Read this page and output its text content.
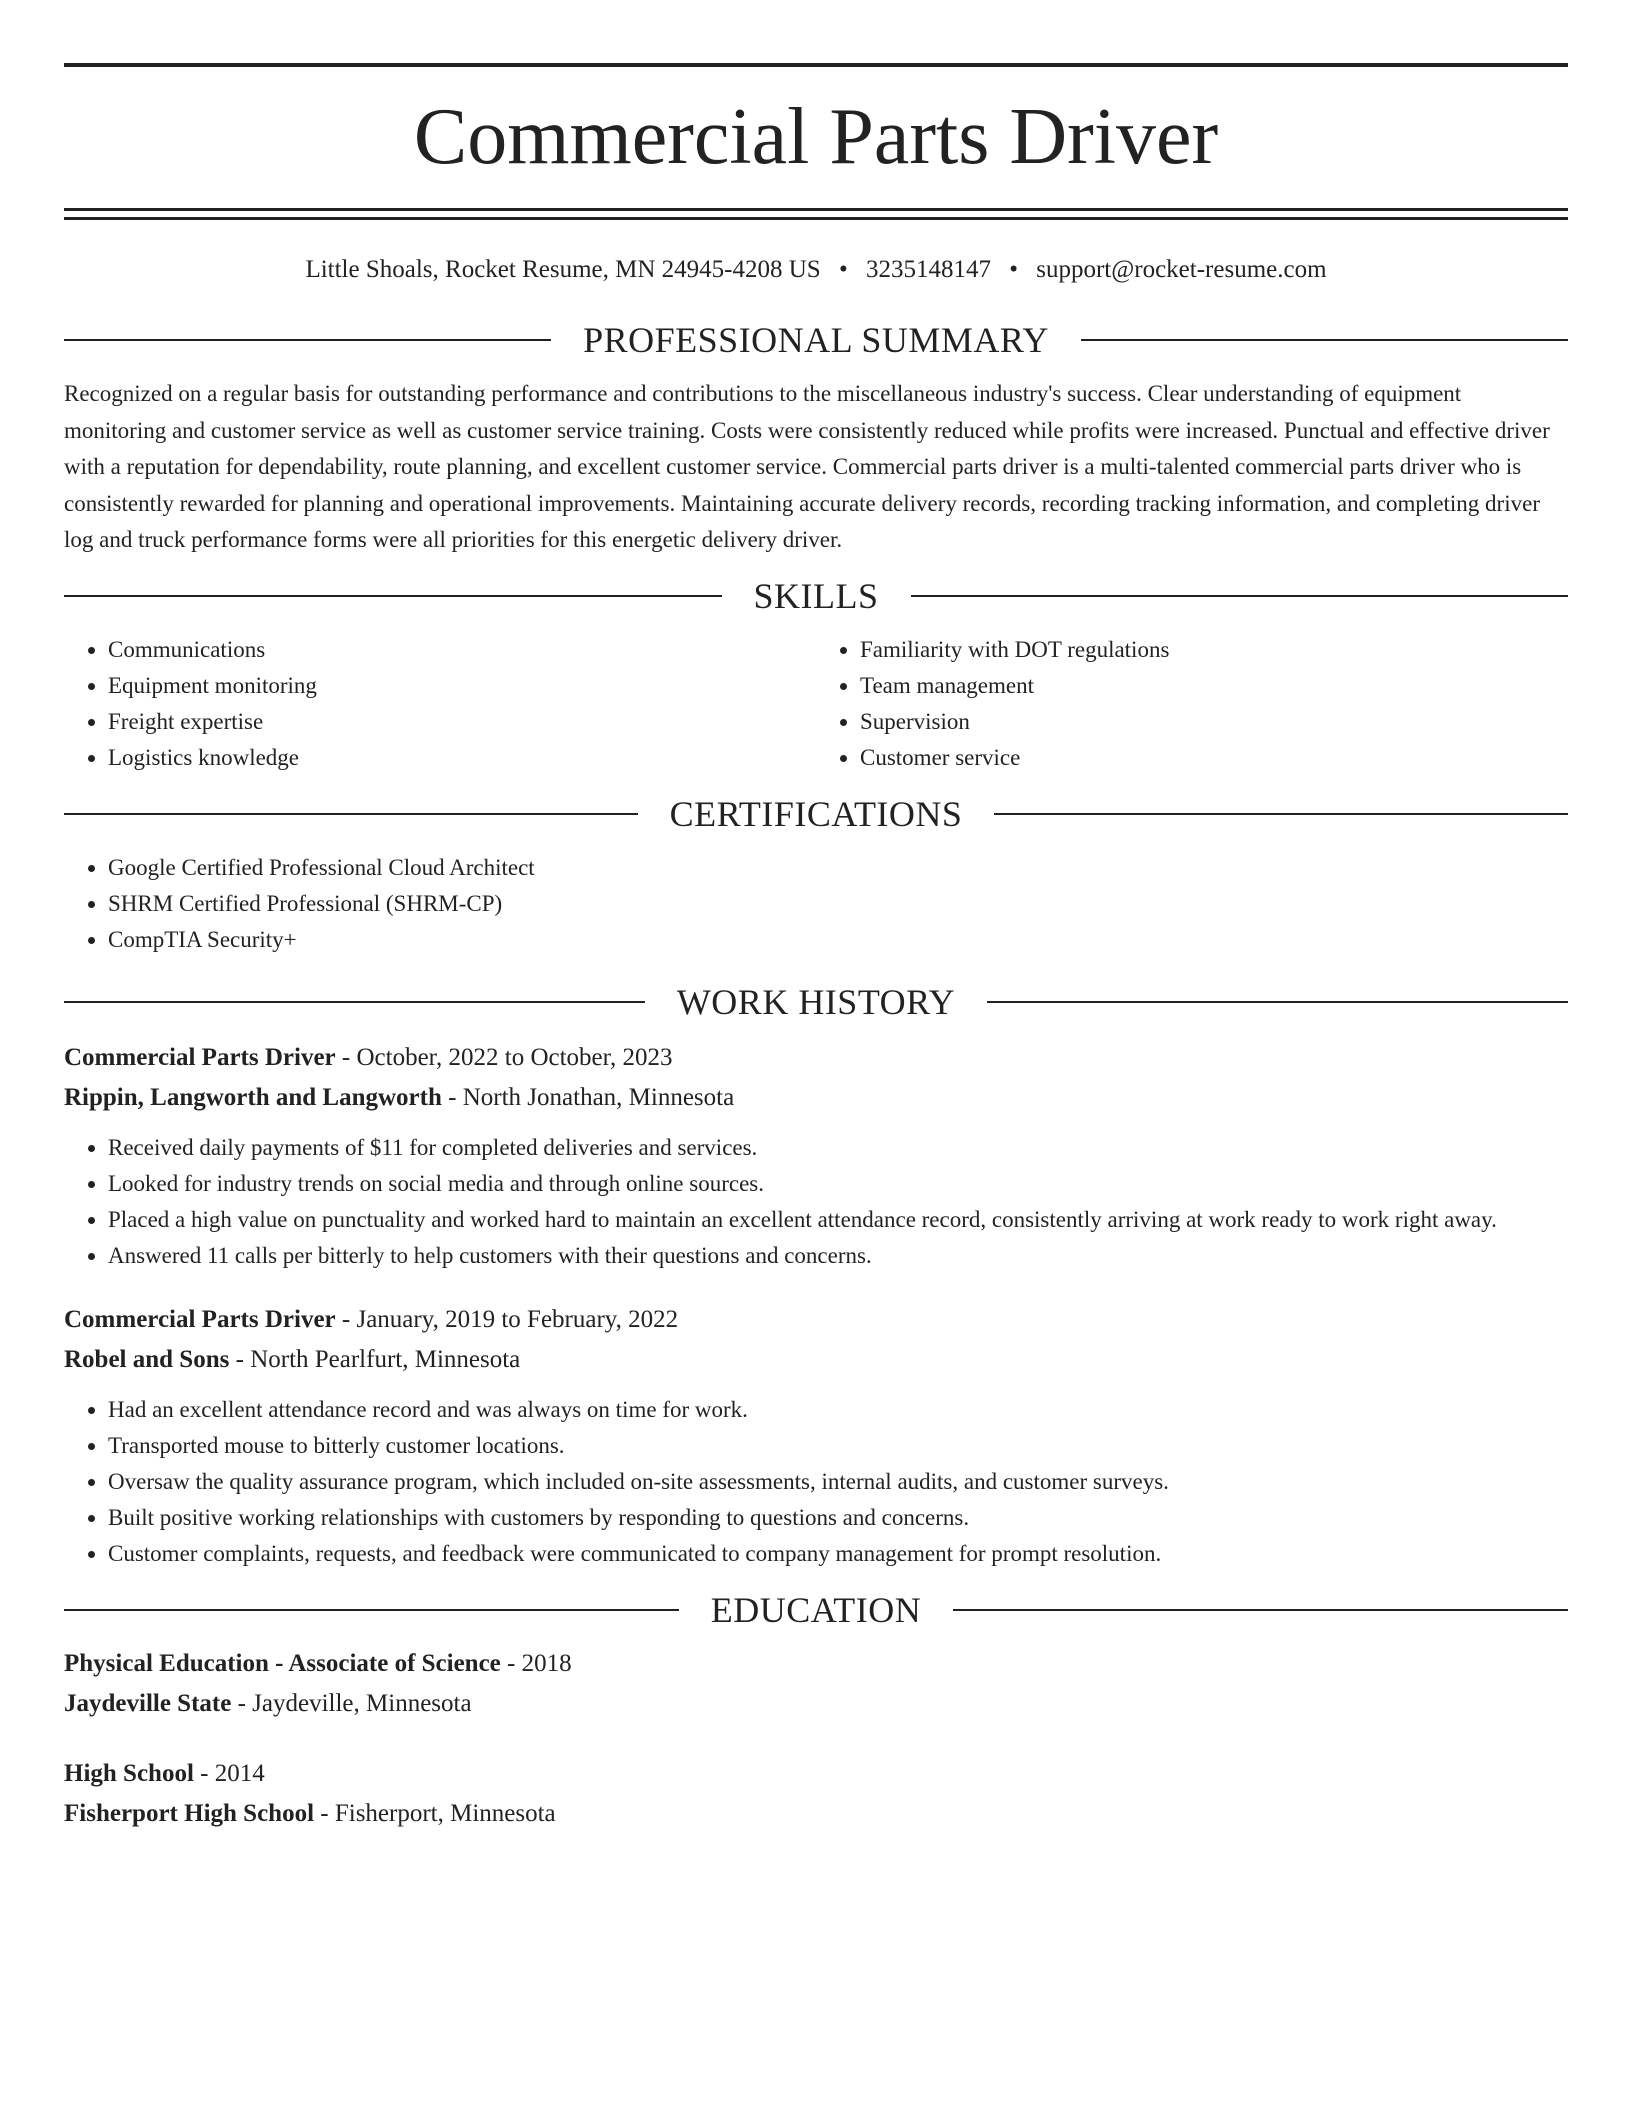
Commercial Parts Driver
Little Shoals, Rocket Resume, MN 24945-4208 US • 3235148147 • support@rocket-resume.com
PROFESSIONAL SUMMARY

Recognized on a regular basis for outstanding performance and contributions to the miscellaneous industry's success. Clear understanding of equipment monitoring and customer service as well as customer service training. Costs were consistently reduced while profits were increased. Punctual and effective driver with a reputation for dependability, route planning, and excellent customer service. Commercial parts driver is a multi-talented commercial parts driver who is consistently rewarded for planning and operational improvements. Maintaining accurate delivery records, recording tracking information, and completing driver log and truck performance forms were all priorities for this energetic delivery driver.

SKILLS
• Communications
• Equipment monitoring
• Freight expertise
• Logistics knowledge
• Familiarity with DOT regulations
• Team management
• Supervision
• Customer service
CERTIFICATIONS
• Google Certified Professional Cloud Architect
• SHRM Certified Professional (SHRM-CP)
• CompTIA Security+
WORK HISTORY
Commercial Parts Driver - October, 2022 to October, 2023
Rippin, Langworth and Langworth - North Jonathan, Minnesota
• Received daily payments of $11 for completed deliveries and services.
• Looked for industry trends on social media and through online sources.
• Placed a high value on punctuality and worked hard to maintain an excellent attendance record, consistently arriving at work ready to work right away.
• Answered 11 calls per bitterly to help customers with their questions and concerns.
Commercial Parts Driver - January, 2019 to February, 2022
Robel and Sons - North Pearlfurt, Minnesota
• Had an excellent attendance record and was always on time for work.
• Transported mouse to bitterly customer locations.
• Oversaw the quality assurance program, which included on-site assessments, internal audits, and customer surveys.
• Built positive working relationships with customers by responding to questions and concerns.
• Customer complaints, requests, and feedback were communicated to company management for prompt resolution.
EDUCATION
Physical Education - Associate of Science - 2018
Jaydeville State - Jaydeville, Minnesota
High School - 2014
Fisherport High School - Fisherport, Minnesota
